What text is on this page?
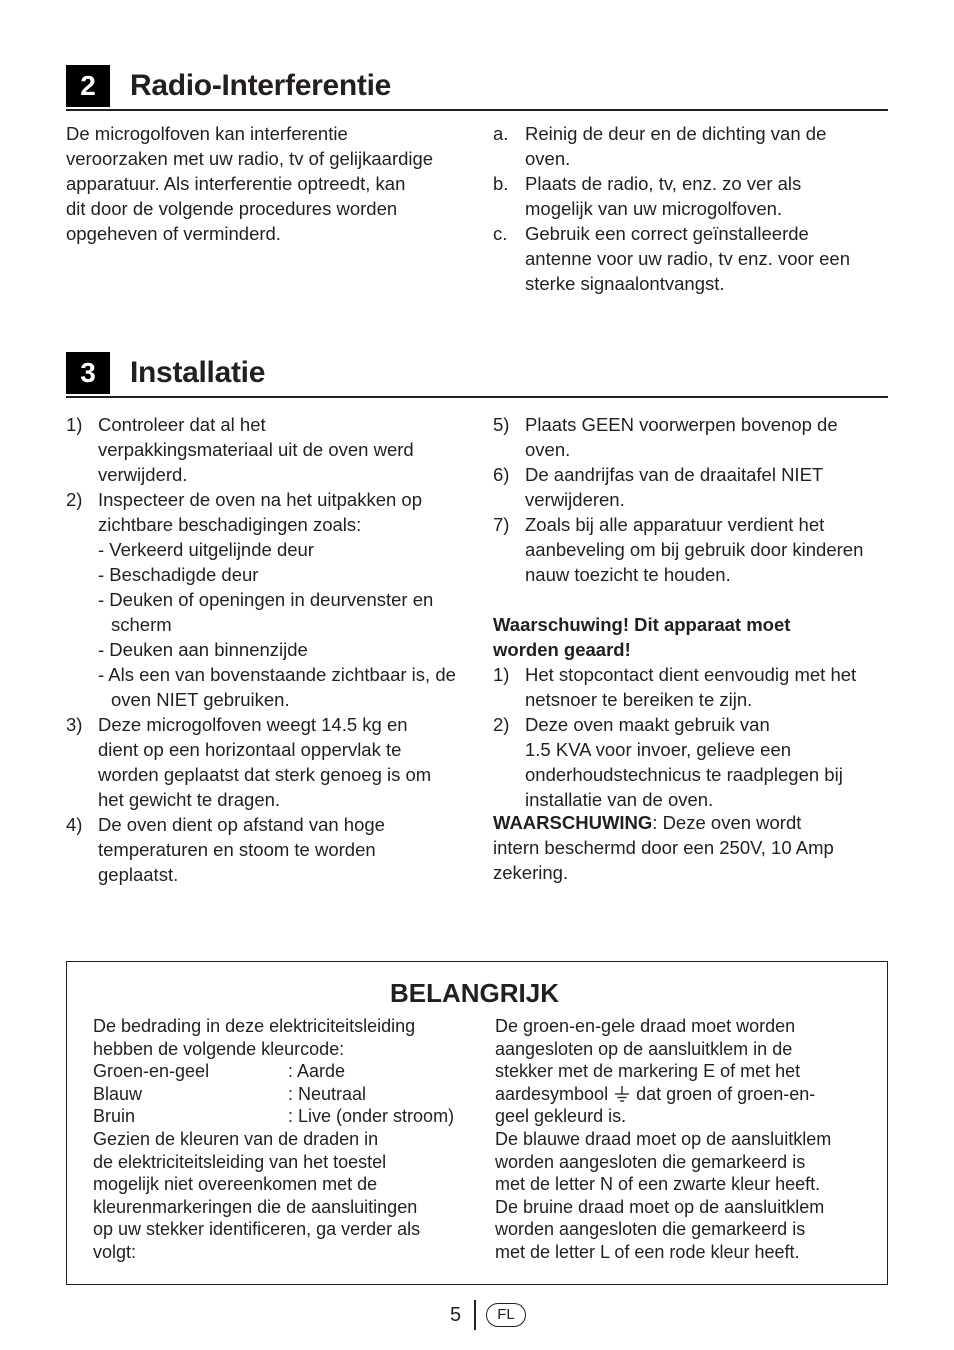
2	Radio-Interferentie

De microgolfoven kan interferentie

veroorzaken met uw radio, tv of gelijkaardige

apparatuur. Als interferentie optreedt, kan

dit door de volgende procedures worden

opgeheven of verminderd.

a. Reinig de deur en de dichting van de

oven.

b. Plaats de radio, tv, enz. zo ver als

mogelijk van uw microgolfoven.

c. Gebruik een correct geïnstalleerde

antenne voor uw radio, tv enz. voor een

sterke signaalontvangst.

3	Installatie
1) Controleer dat al het

verpakkingsmateriaal uit de oven werd

verwijderd.

2) Inspecteer de oven na het uitpakken op

zichtbare beschadigingen zoals:

- Verkeerd uitgelijnde deur

- Beschadigde deur

- Deuken of openingen in deurvenster en scherm

- Deuken aan binnenzijde

- Als een van bovenstaande zichtbaar is, de oven NIET gebruiken.

3) Deze microgolfoven weegt 14.5 kg en

dient op een horizontaal oppervlak te

worden geplaatst dat sterk genoeg is om

het gewicht te dragen.

4) De oven dient op afstand van hoge

temperaturen en stoom te worden

geplaatst.

5) Plaats GEEN voorwerpen bovenop de

oven.

6) De aandrijfas van de draaitafel NIET

verwijderen.

7) Zoals bij alle apparatuur verdient het

aanbeveling om bij gebruik door kinderen

nauw toezicht te houden.

Waarschuwing! Dit apparaat moet

worden geaard!

1) Het stopcontact dient eenvoudig met het

netsnoer te bereiken te zijn.

2) Deze oven maakt gebruik van

1.5 KVA voor invoer, gelieve een

onderhoudstechnicus te raadplegen bij

installatie van de oven.

WAARSCHUWING: Deze oven wordt

intern beschermd door een 250V, 10 Amp

zekering.

BELANGRIJK

De bedrading in deze elektriciteitsleiding

hebben de volgende kleurcode:

Groen-en-geel	: Aarde
Blauw	: Neutraal
Bruin	: Live (onder stroom)

Gezien de kleuren van de draden in

de elektriciteitsleiding van het toestel

mogelijk niet overeenkomen met de

kleurenmarkeringen die de aansluitingen

op uw stekker identificeren, ga verder als

volgt:

De groen-en-gele draad moet worden

aangesloten op de aansluitklem in de

stekker met de markering E of met het

aardesymbool dat groen of groen-en-

geel gekleurd is.

De blauwe draad moet op de aansluitklem

worden aangesloten die gemarkeerd is

met de letter N of een zwarte kleur heeft.

De bruine draad moet op de aansluitklem

worden aangesloten die gemarkeerd is

met de letter L of een rode kleur heeft.

5	FL
